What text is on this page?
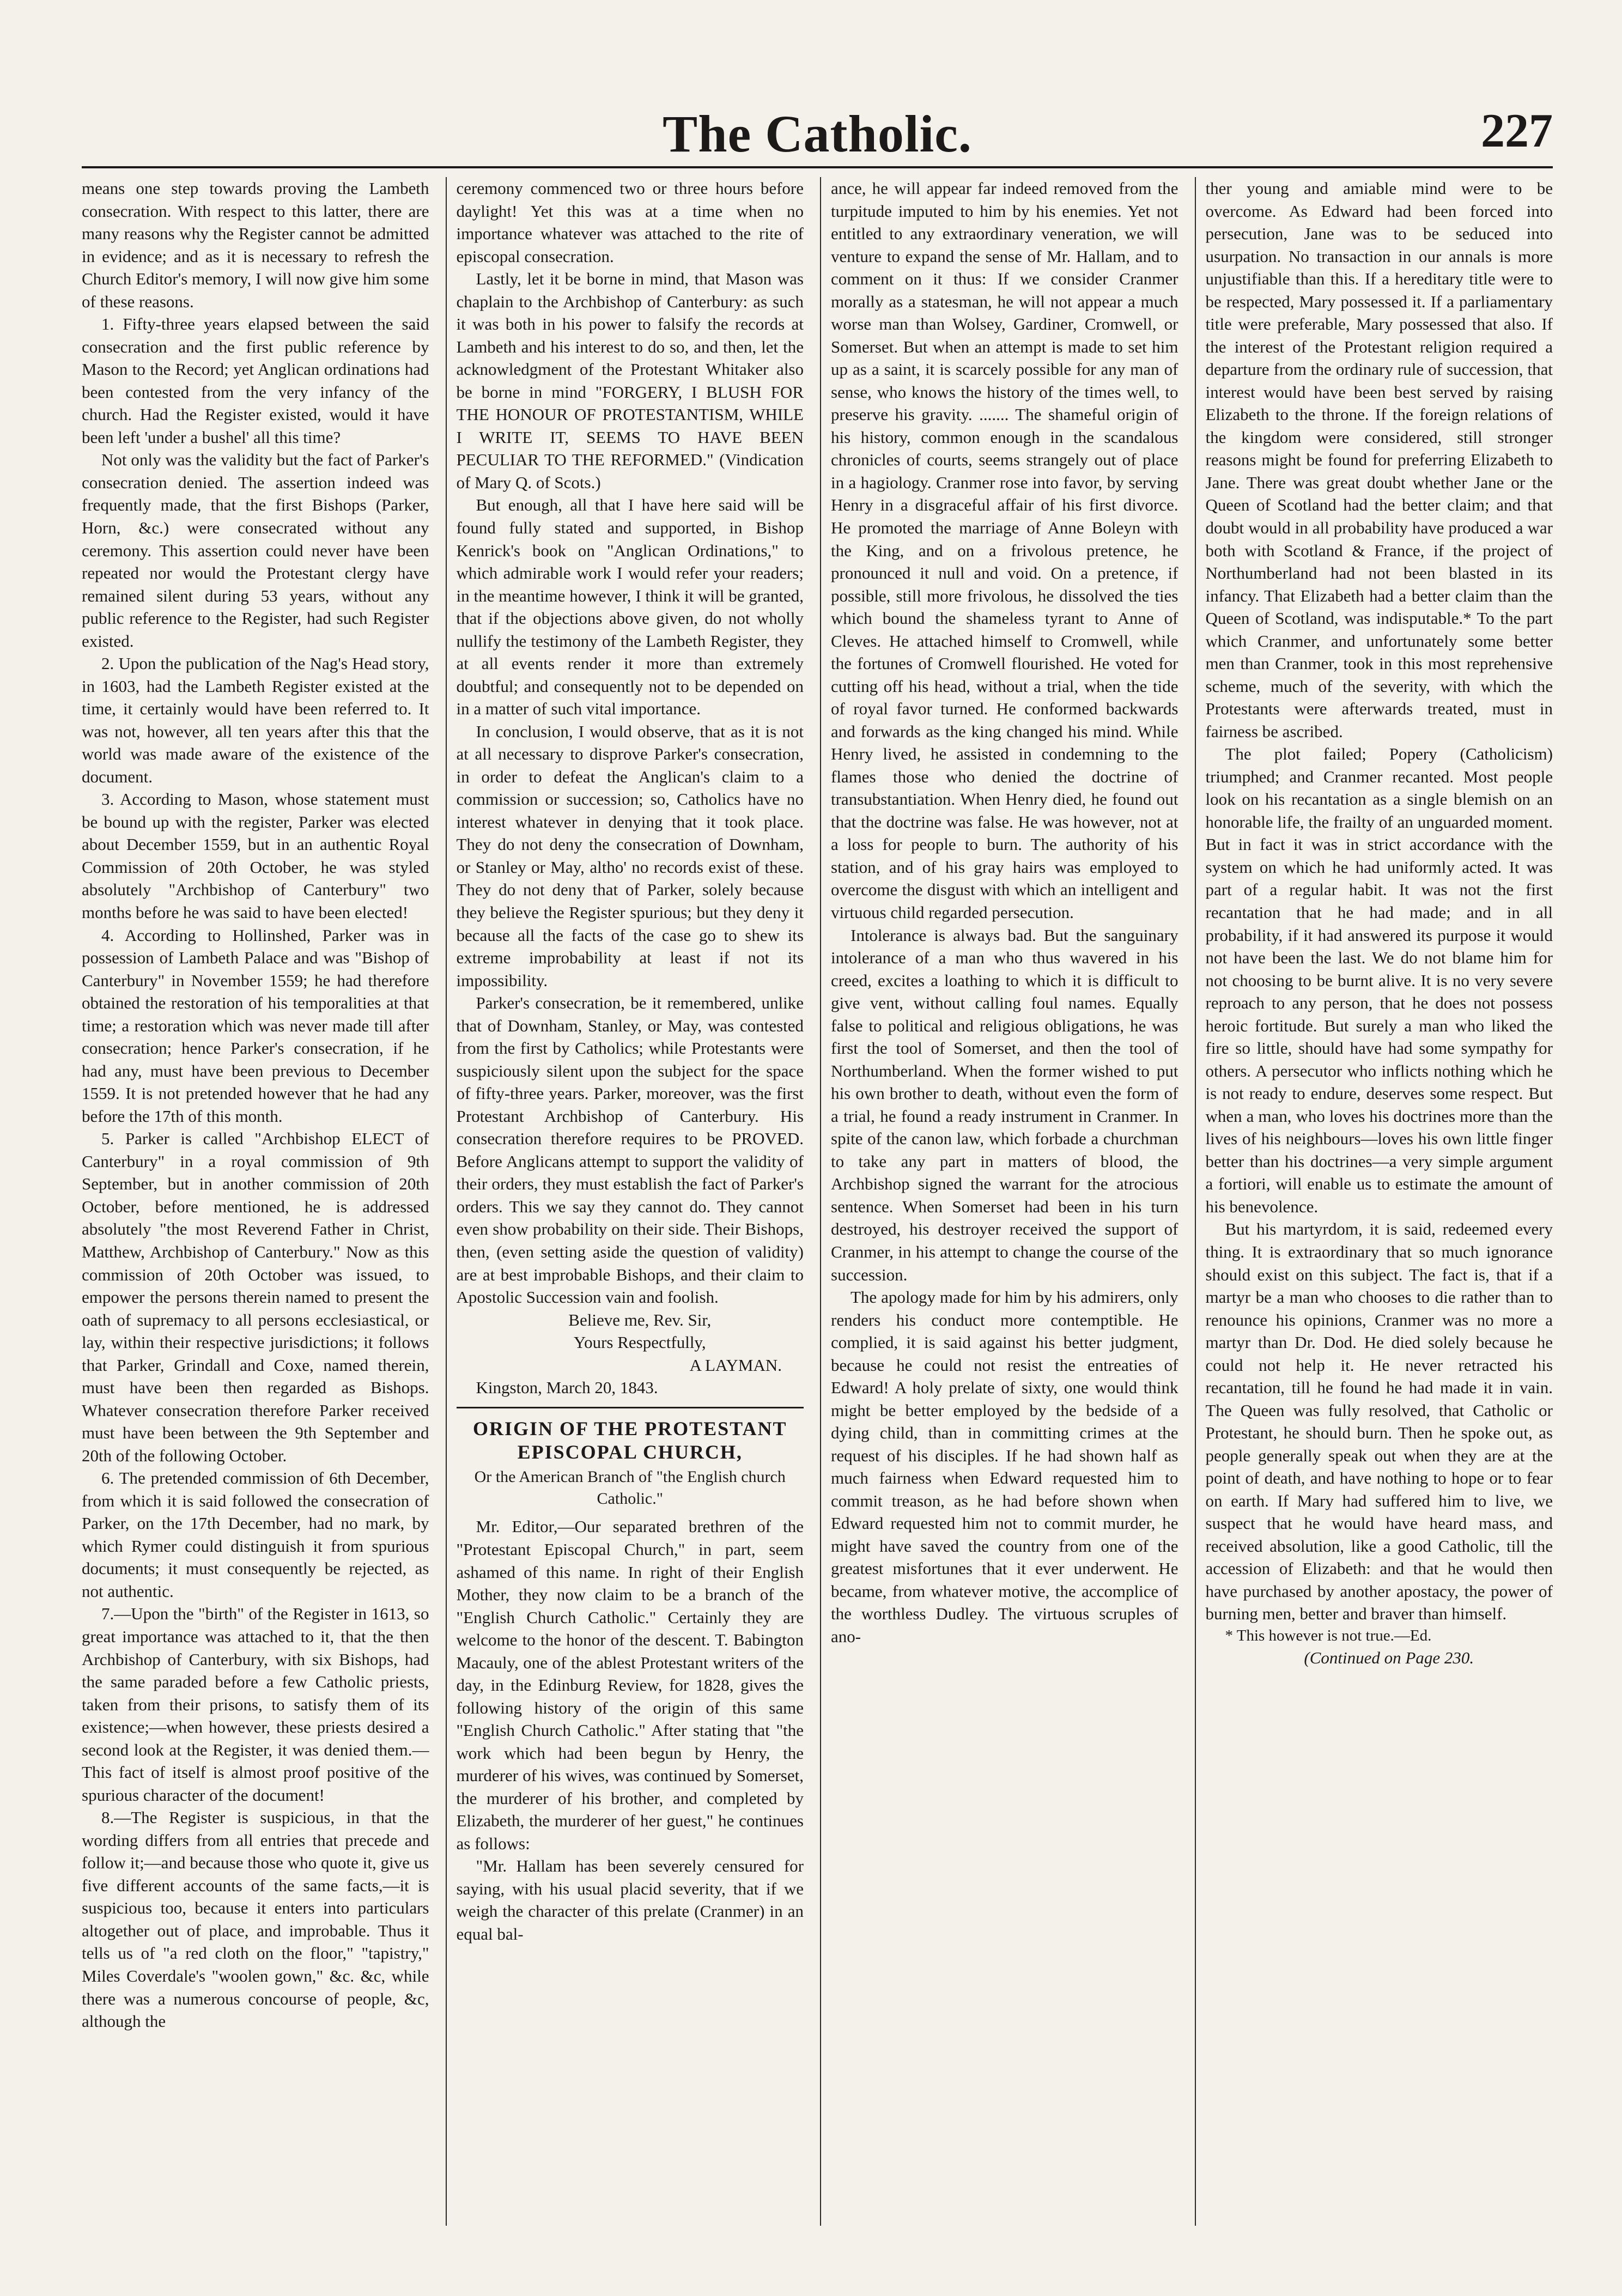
The Catholic.	227

means one step towards proving the Lambeth consecration. With respect to this latter, there are many reasons why the Register cannot be admitted in evidence; and as it is necessary to refresh the Church Editor's memory, I will now give him some of these reasons.

1. Fifty-three years elapsed between the said consecration and the first public reference by Mason to the Record; yet Anglican ordinations had been contested from the very infancy of the church. Had the Register existed, would it have been left 'under a bushel' all this time?

Not only was the validity but the fact of Parker's consecration denied. The assertion indeed was frequently made, that the first Bishops (Parker, Horn, &c.) were consecrated without any ceremony. This assertion could never have been repeated nor would the Protestant clergy have remained silent during 53 years, without any public reference to the Register, had such Register existed.

2. Upon the publication of the Nag's Head story, in 1603, had the Lambeth Register existed at the time, it certainly would have been referred to. It was not, however, all ten years after this that the world was made aware of the existence of the document.

3. According to Mason, whose statement must be bound up with the register, Parker was elected about December 1559, but in an authentic Royal Commission of 20th October, he was styled absolutely "Archbishop of Canterbury" two months before he was said to have been elected!

4. According to Hollinshed, Parker was in possession of Lambeth Palace and was "Bishop of Canterbury" in November 1559; he had therefore obtained the restoration of his temporalities at that time; a restoration which was never made till after consecration; hence Parker's consecration, if he had any, must have been previous to December 1559. It is not pretended however that he had any before the 17th of this month.

5. Parker is called "Archbishop ELECT of Canterbury" in a royal commission of 9th September, but in another commission of 20th October, before mentioned, he is addressed absolutely "the most Reverend Father in Christ, Matthew, Archbishop of Canterbury." Now as this commission of 20th October was issued, to empower the persons therein named to present the oath of supremacy to all persons ecclesiastical, or lay, within their respective jurisdictions; it follows that Parker, Grindall and Coxe, named therein, must have been then regarded as Bishops. Whatever consecration therefore Parker received must have been between the 9th September and 20th of the following October.

6. The pretended commission of 6th December, from which it is said followed the consecration of Parker, on the 17th December, had no mark, by which Rymer could distinguish it from spurious documents; it must consequently be rejected, as not authentic.

7.—Upon the "birth" of the Register in 1613, so great importance was attached to it, that the then Archbishop of Canterbury, with six Bishops, had the same paraded before a few Catholic priests, taken from their prisons, to satisfy them of its existence;—when however, these priests desired a second look at the Register, it was denied them.—This fact of itself is almost proof positive of the spurious character of the document!

8.—The Register is suspicious, in that the wording differs from all entries that precede and follow it;—and because those who quote it, give us five different accounts of the same facts,—it is suspicious too, because it enters into particulars altogether out of place, and improbable. Thus it tells us of "a red cloth on the floor," "tapistry," Miles Coverdale's "woolen gown," &c. &c, while there was a numerous concourse of people, &c, although the

ceremony commenced two or three hours before daylight! Yet this was at a time when no importance whatever was attached to the rite of episcopal consecration.

Lastly, let it be borne in mind, that Mason was chaplain to the Archbishop of Canterbury: as such it was both in his power to falsify the records at Lambeth and his interest to do so, and then, let the acknowledgment of the Protestant Whitaker also be borne in mind "FORGERY, I BLUSH FOR THE HONOUR OF PROTESTANTISM, WHILE I WRITE IT, SEEMS TO HAVE BEEN PECULIAR TO THE REFORMED." (Vindication of Mary Q. of Scots.)

But enough, all that I have here said will be found fully stated and supported, in Bishop Kenrick's book on "Anglican Ordinations," to which admirable work I would refer your readers; in the meantime however, I think it will be granted, that if the objections above given, do not wholly nullify the testimony of the Lambeth Register, they at all events render it more than extremely doubtful; and consequently not to be depended on in a matter of such vital importance.

In conclusion, I would observe, that as it is not at all necessary to disprove Parker's consecration, in order to defeat the Anglican's claim to a commission or succession; so, Catholics have no interest whatever in denying that it took place. They do not deny the consecration of Downham, or Stanley or May, altho' no records exist of these. They do not deny that of Parker, solely because they believe the Register spurious; but they deny it because all the facts of the case go to shew its extreme improbability at least if not its impossibility.

Parker's consecration, be it remembered, unlike that of Downham, Stanley, or May, was contested from the first by Catholics; while Protestants were suspiciously silent upon the subject for the space of fifty-three years. Parker, moreover, was the first Protestant Archbishop of Canterbury. His consecration therefore requires to be PROVED. Before Anglicans attempt to support the validity of their orders, they must establish the fact of Parker's orders. This we say they cannot do. They cannot even show probability on their side. Their Bishops, then, (even setting aside the question of validity) are at best improbable Bishops, and their claim to Apostolic Succession vain and foolish.

Believe me, Rev. Sir,
Yours Respectfully,
A LAYMAN.
Kingston, March 20, 1843.

ORIGIN OF THE PROTESTANT EPISCOPAL CHURCH,

Or the American Branch of "the English church Catholic."

Mr. Editor,—Our separated brethren of the "Protestant Episcopal Church," in part, seem ashamed of this name. In right of their English Mother, they now claim to be a branch of the "English Church Catholic." Certainly they are welcome to the honor of the descent. T. Babington Macauly, one of the ablest Protestant writers of the day, in the Edinburg Review, for 1828, gives the following history of the origin of this same "English Church Catholic." After stating that "the work which had been begun by Henry, the murderer of his wives, was continued by Somerset, the murderer of his brother, and completed by Elizabeth, the murderer of her guest," he continues as follows:

"Mr. Hallam has been severely censured for saying, with his usual placid severity, that if we weigh the character of this prelate (Cranmer) in an equal bal-

ance, he will appear far indeed removed from the turpitude imputed to him by his enemies. Yet not entitled to any extraordinary veneration, we will venture to expand the sense of Mr. Hallam, and to comment on it thus: If we consider Cranmer morally as a statesman, he will not appear a much worse man than Wolsey, Gardiner, Cromwell, or Somerset. But when an attempt is made to set him up as a saint, it is scarcely possible for any man of sense, who knows the history of the times well, to preserve his gravity. ....... The shameful origin of his history, common enough in the scandalous chronicles of courts, seems strangely out of place in a hagiology. Cranmer rose into favor, by serving Henry in a disgraceful affair of his first divorce. He promoted the marriage of Anne Boleyn with the King, and on a frivolous pretence, he pronounced it null and void. On a pretence, if possible, still more frivolous, he dissolved the ties which bound the shameless tyrant to Anne of Cleves. He attached himself to Cromwell, while the fortunes of Cromwell flourished. He voted for cutting off his head, without a trial, when the tide of royal favor turned. He conformed backwards and forwards as the king changed his mind. While Henry lived, he assisted in condemning to the flames those who denied the doctrine of transubstantiation. When Henry died, he found out that the doctrine was false. He was however, not at a loss for people to burn. The authority of his station, and of his gray hairs was employed to overcome the disgust with which an intelligent and virtuous child regarded persecution.

Intolerance is always bad. But the sanguinary intolerance of a man who thus wavered in his creed, excites a loathing to which it is difficult to give vent, without calling foul names. Equally false to political and religious obligations, he was first the tool of Somerset, and then the tool of Northumberland. When the former wished to put his own brother to death, without even the form of a trial, he found a ready instrument in Cranmer. In spite of the canon law, which forbade a churchman to take any part in matters of blood, the Archbishop signed the warrant for the atrocious sentence. When Somerset had been in his turn destroyed, his destroyer received the support of Cranmer, in his attempt to change the course of the succession.

The apology made for him by his admirers, only renders his conduct more contemptible. He complied, it is said against his better judgment, because he could not resist the entreaties of Edward! A holy prelate of sixty, one would think might be better employed by the bedside of a dying child, than in committing crimes at the request of his disciples. If he had shown half as much fairness when Edward requested him to commit treason, as he had before shown when Edward requested him not to commit murder, he might have saved the country from one of the greatest misfortunes that it ever underwent. He became, from whatever motive, the accomplice of the worthless Dudley. The virtuous scruples of ano-

ther young and amiable mind were to be overcome. As Edward had been forced into persecution, Jane was to be seduced into usurpation. No transaction in our annals is more unjustifiable than this. If a hereditary title were to be respected, Mary possessed it. If a parliamentary title were preferable, Mary possessed that also. If the interest of the Protestant religion required a departure from the ordinary rule of succession, that interest would have been best served by raising Elizabeth to the throne. If the foreign relations of the kingdom were considered, still stronger reasons might be found for preferring Elizabeth to Jane. There was great doubt whether Jane or the Queen of Scotland had the better claim; and that doubt would in all probability have produced a war both with Scotland & France, if the project of Northumberland had not been blasted in its infancy. That Elizabeth had a better claim than the Queen of Scotland, was indisputable.* To the part which Cranmer, and unfortunately some better men than Cranmer, took in this most reprehensive scheme, much of the severity, with which the Protestants were afterwards treated, must in fairness be ascribed.

The plot failed; Popery (Catholicism) triumphed; and Cranmer recanted. Most people look on his recantation as a single blemish on an honorable life, the frailty of an unguarded moment. But in fact it was in strict accordance with the system on which he had uniformly acted. It was part of a regular habit. It was not the first recantation that he had made; and in all probability, if it had answered its purpose it would not have been the last. We do not blame him for not choosing to be burnt alive. It is no very severe reproach to any person, that he does not possess heroic fortitude. But surely a man who liked the fire so little, should have had some sympathy for others. A persecutor who inflicts nothing which he is not ready to endure, deserves some respect. But when a man, who loves his doctrines more than the lives of his neighbours—loves his own little finger better than his doctrines—a very simple argument a fortiori, will enable us to estimate the amount of his benevolence.

But his martyrdom, it is said, redeemed every thing. It is extraordinary that so much ignorance should exist on this subject. The fact is, that if a martyr be a man who chooses to die rather than to renounce his opinions, Cranmer was no more a martyr than Dr. Dod. He died solely because he could not help it. He never retracted his recantation, till he found he had made it in vain. The Queen was fully resolved, that Catholic or Protestant, he should burn. Then he spoke out, as people generally speak out when they are at the point of death, and have nothing to hope or to fear on earth. If Mary had suffered him to live, we suspect that he would have heard mass, and received absolution, like a good Catholic, till the accession of Elizabeth: and that he would then have purchased by another apostacy, the power of burning men, better and braver than himself.

* This however is not true.—Ed.

(Continued on Page 230.
